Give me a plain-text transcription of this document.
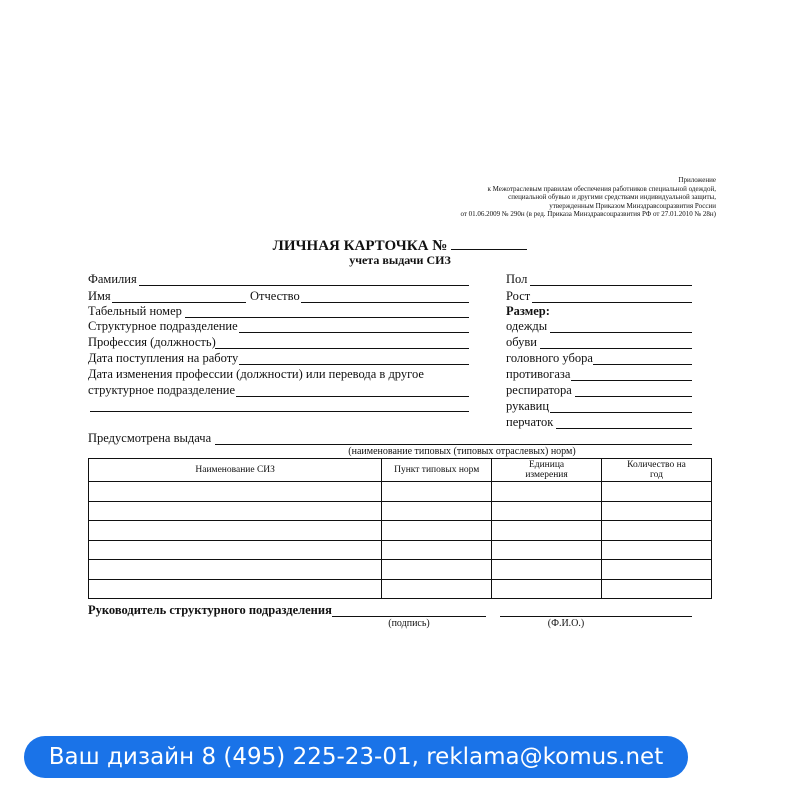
Приложение
к Межотраслевым правилам обеспечения работников специальной одеждой,
специальной обувью и другими средствами индивидуальной защиты,
утвержденным Приказом Минздравсоцразвития России
от 01.06.2009 № 290н (в ред. Приказа Минздравсоцразвития РФ от 27.01.2010 № 28н)
ЛИЧНАЯ КАРТОЧКА №
учета выдачи СИЗ
Фамилия
Имя	Отчество
Табельный номер
Структурное подразделение
Профессия (должность)
Дата поступления на работу
Дата изменения профессии (должности) или перевода в другое
структурное подразделение
Пол
Рост
Размер:
одежды
обуви
головного убора
противогаза
респиратора
рукавиц
перчаток
Предусмотрена выдача
(наименование типовых (типовых отраслевых) норм)
Наименование СИЗ	Пункт типовых норм	Единица измерения	Количество на год

Руководитель структурного подразделения
(подпись)	(Ф.И.О.)
Ваш дизайн 8 (495) 225-23-01, reklama@komus.net
